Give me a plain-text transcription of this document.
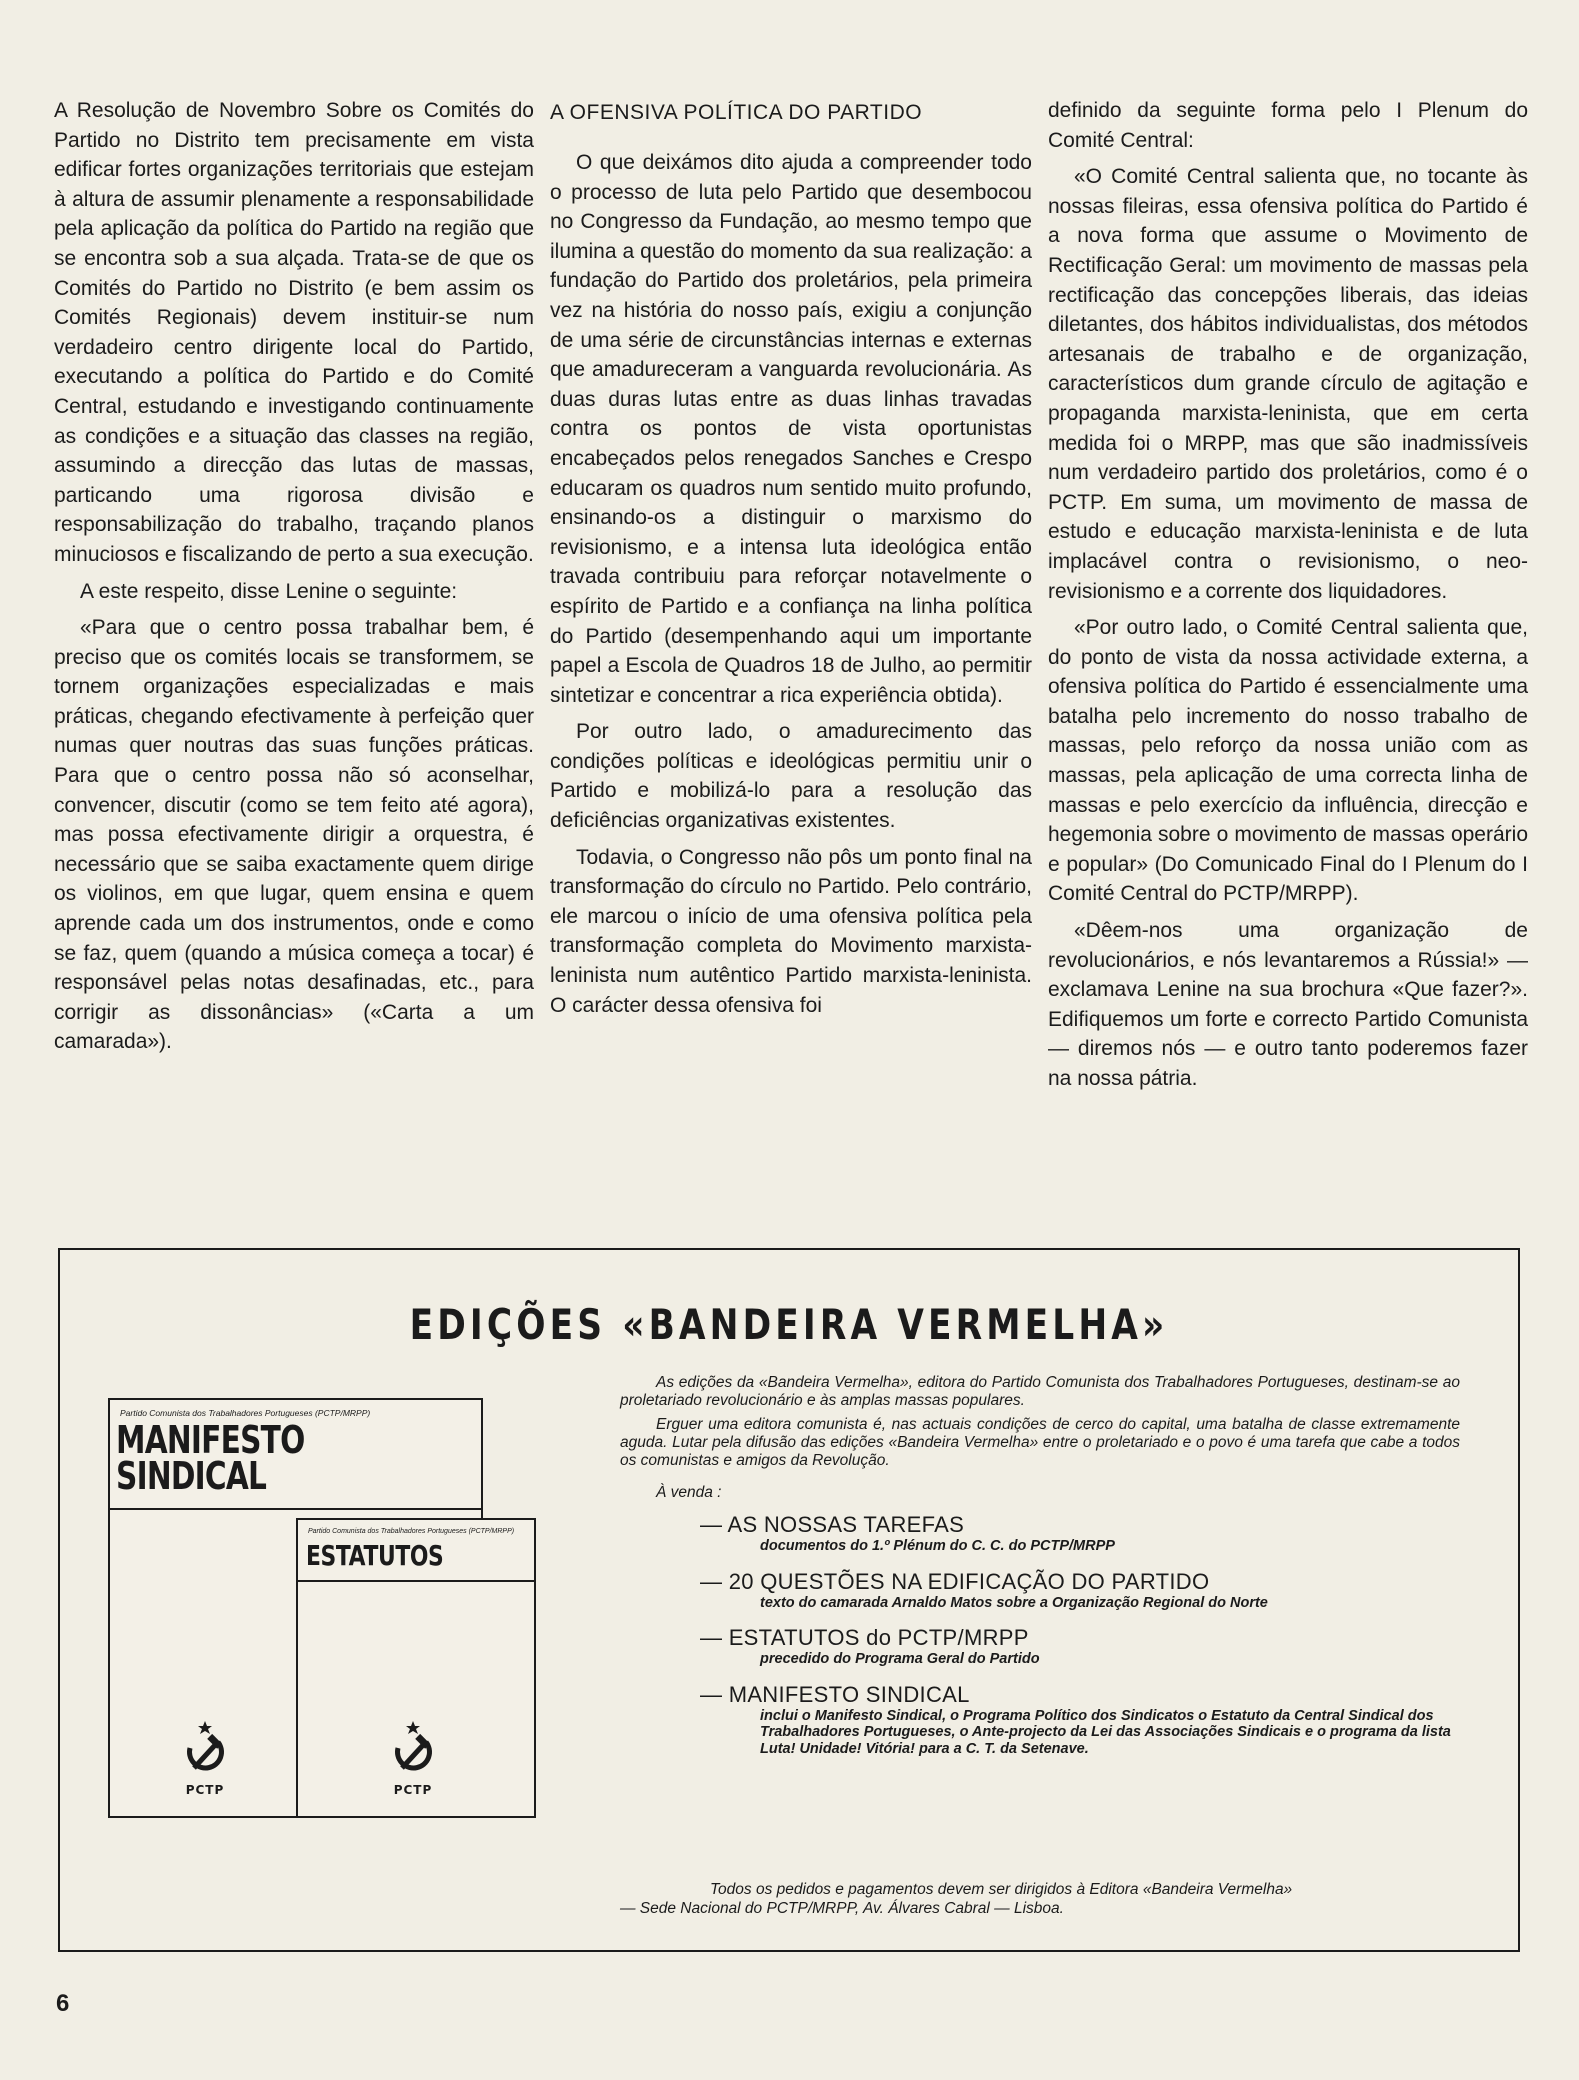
A Resolução de Novembro Sobre os Comités do Partido no Distrito tem precisamente em vista edificar fortes organizações territoriais que estejam à altura de assumir plenamente a responsabilidade pela aplicação da política do Partido na região que se encontra sob a sua alçada. Trata-se de que os Comités do Partido no Distrito (e bem assim os Comités Regionais) devem instituir-se num verdadeiro centro dirigente local do Partido, executando a política do Partido e do Comité Central, estudando e investigando continuamente as condições e a situação das classes na região, assumindo a direcção das lutas de massas, particando uma rigorosa divisão e responsabilização do trabalho, traçando planos minuciosos e fiscalizando de perto a sua execução.

A este respeito, disse Lenine o seguinte:

«Para que o centro possa trabalhar bem, é preciso que os comités locais se transformem, se tornem organizações especializadas e mais práticas, chegando efectivamente à perfeição quer numas quer noutras das suas funções práticas. Para que o centro possa não só aconselhar, convencer, discutir (como se tem feito até agora), mas possa efectivamente dirigir a orquestra, é necessário que se saiba exactamente quem dirige os violinos, em que lugar, quem ensina e quem aprende cada um dos instrumentos, onde e como se faz, quem (quando a música começa a tocar) é responsável pelas notas desafinadas, etc., para corrigir as dissonâncias» («Carta a um camarada»).

A OFENSIVA POLÍTICA DO PARTIDO

O que deixámos dito ajuda a compreender todo o processo de luta pelo Partido que desembocou no Congresso da Fundação, ao mesmo tempo que ilumina a questão do momento da sua realização: a fundação do Partido dos proletários, pela primeira vez na história do nosso país, exigiu a conjunção de uma série de circunstâncias internas e externas que amadureceram a vanguarda revolucionária. As duas duras lutas entre as duas linhas travadas contra os pontos de vista oportunistas encabeçados pelos renegados Sanches e Crespo educaram os quadros num sentido muito profundo, ensinando-os a distinguir o marxismo do revisionismo, e a intensa luta ideológica então travada contribuiu para reforçar notavelmente o espírito de Partido e a confiança na linha política do Partido (desempenhando aqui um importante papel a Escola de Quadros 18 de Julho, ao permitir sintetizar e concentrar a rica experiência obtida).

Por outro lado, o amadurecimento das condições políticas e ideológicas permitiu unir o Partido e mobilizá-lo para a resolução das deficiências organizativas existentes.

Todavia, o Congresso não pôs um ponto final na transformação do círculo no Partido. Pelo contrário, ele marcou o início de uma ofensiva política pela transformação completa do Movimento marxista-leninista num autêntico Partido marxista-leninista. O carácter dessa ofensiva foi

definido da seguinte forma pelo I Plenum do Comité Central:

«O Comité Central salienta que, no tocante às nossas fileiras, essa ofensiva política do Partido é a nova forma que assume o Movimento de Rectificação Geral: um movimento de massas pela rectificação das concepções liberais, das ideias diletantes, dos hábitos individualistas, dos métodos artesanais de trabalho e de organização, característicos dum grande círculo de agitação e propaganda marxista-leninista, que em certa medida foi o MRPP, mas que são inadmissíveis num verdadeiro partido dos proletários, como é o PCTP. Em suma, um movimento de massa de estudo e educação marxista-leninista e de luta implacável contra o revisionismo, o neo-revisionismo e a corrente dos liquidadores.

«Por outro lado, o Comité Central salienta que, do ponto de vista da nossa actividade externa, a ofensiva política do Partido é essencialmente uma batalha pelo incremento do nosso trabalho de massas, pelo reforço da nossa união com as massas, pela aplicação de uma correcta linha de massas e pelo exercício da influência, direcção e hegemonia sobre o movimento de massas operário e popular» (Do Comunicado Final do I Plenum do I Comité Central do PCTP/MRPP).

«Dêem-nos uma organização de revolucionários, e nós levantaremos a Rússia!» — exclamava Lenine na sua brochura «Que fazer?». Edifiquemos um forte e correcto Partido Comunista — diremos nós — e outro tanto poderemos fazer na nossa pátria.

EDIÇÕES «BANDEIRA VERMELHA»
Partido Comunista dos Trabalhadores Portugueses (PCTP/MRPP)
MANIFESTO
SINDICAL
PCTP
Partido Comunista dos Trabalhadores Portugueses (PCTP/MRPP)
ESTATUTOS
PCTP

As edições da «Bandeira Vermelha», editora do Partido Comunista dos Trabalhadores Portugueses, destinam-se ao proletariado revolucionário e às amplas massas populares.

Erguer uma editora comunista é, nas actuais condições de cerco do capital, uma batalha de classe extremamente aguda. Lutar pela difusão das edições «Bandeira Vermelha» entre o proletariado e o povo é uma tarefa que cabe a todos os comunistas e amigos da Revolução.

À venda :
— AS NOSSAS TAREFAS
documentos do 1.º Plénum do C. C. do PCTP/MRPP
— 20 QUESTÕES NA EDIFICAÇÃO DO PARTIDO
texto do camarada Arnaldo Matos sobre a Organização Regional do Norte
— ESTATUTOS do PCTP/MRPP
precedido do Programa Geral do Partido
— MANIFESTO SINDICAL
inclui o Manifesto Sindical, o Programa Político dos Sindicatos o Estatuto da Central Sindical dos Trabalhadores Portugueses, o Ante-projecto da Lei das Associações Sindicais e o programa da lista Luta! Unidade! Vitória! para a C. T. da Setenave.
Todos os pedidos e pagamentos devem ser dirigidos à Editora «Bandeira Vermelha»
— Sede Nacional do PCTP/MRPP, Av. Álvares Cabral — Lisboa.
6
